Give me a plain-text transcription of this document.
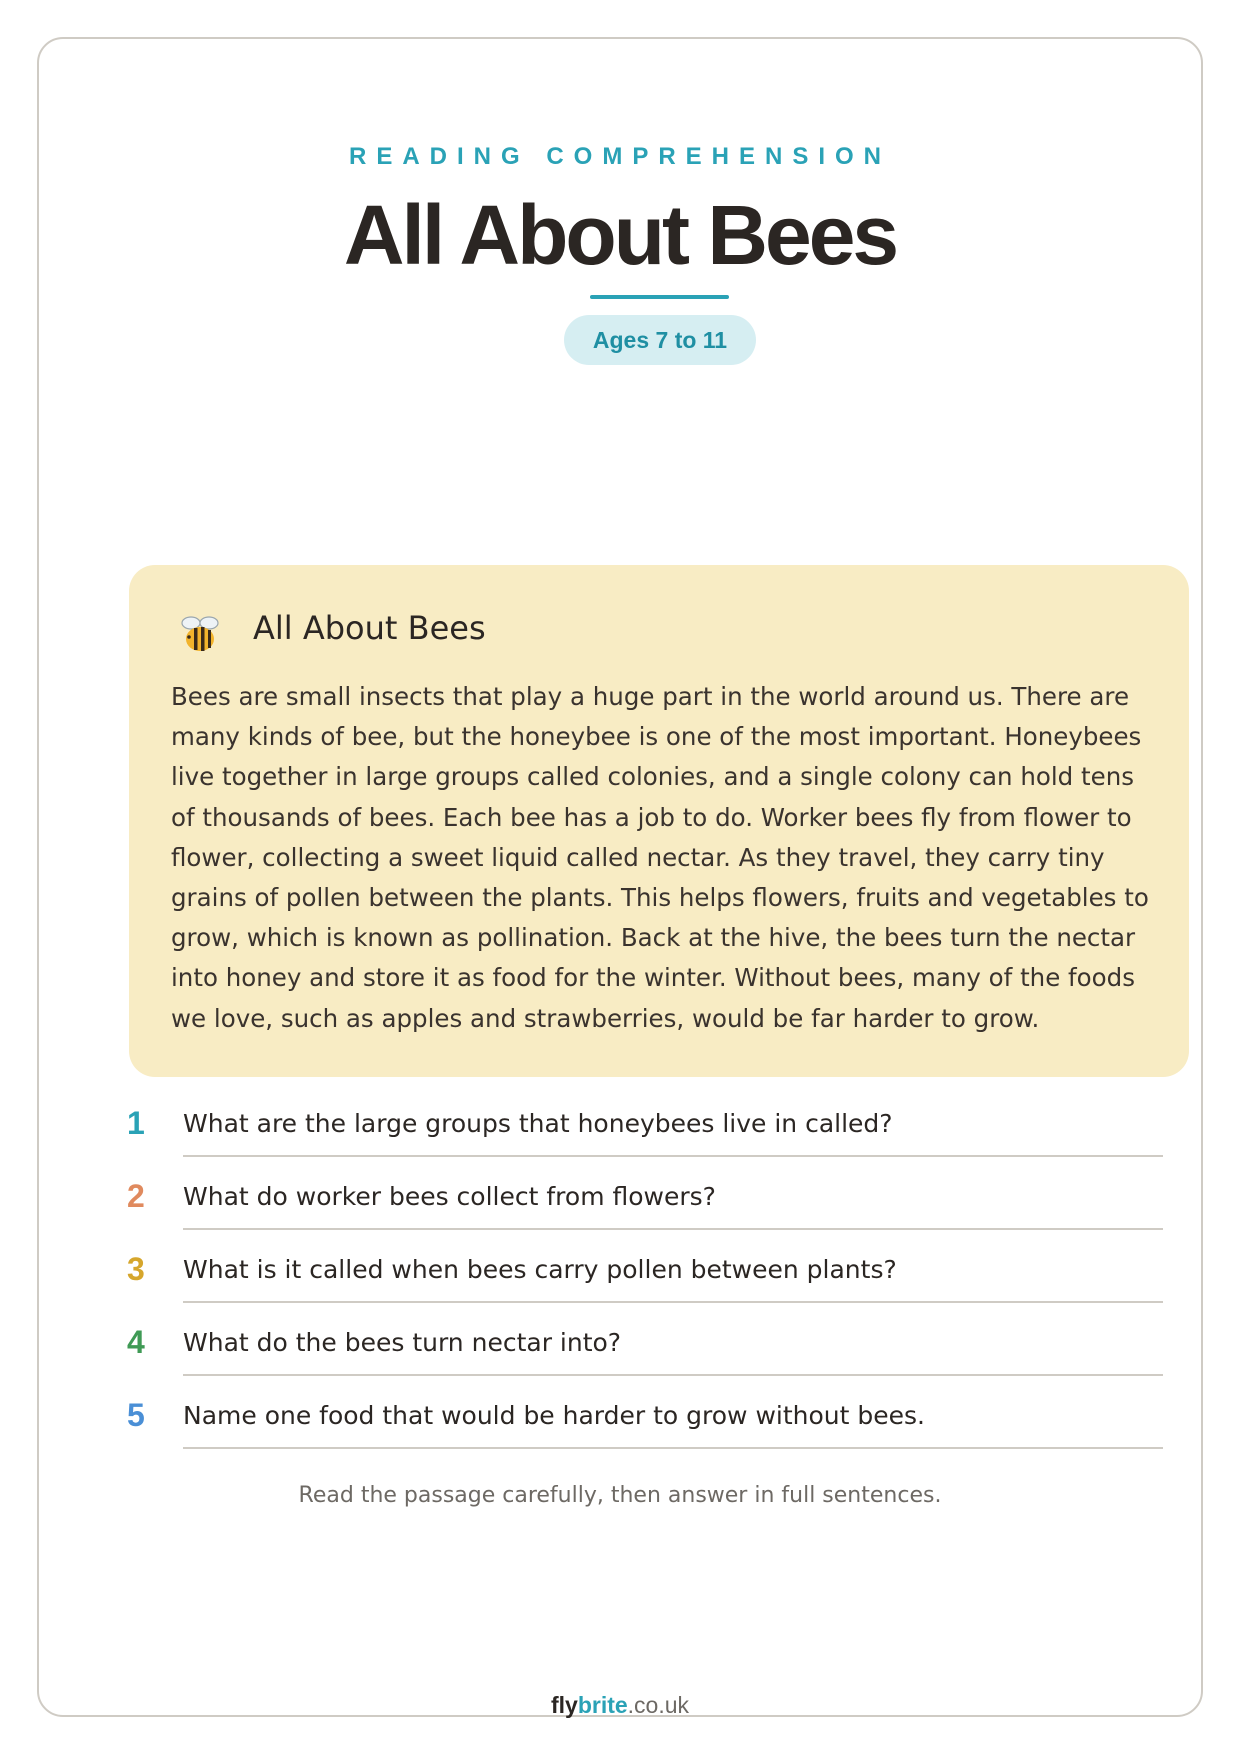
READING COMPREHENSION
All About Bees
Ages 7 to 11
All About Bees

Bees are small insects that play a huge part in the world around us. There are many kinds of bee, but the honeybee is one of the most important. Honeybees live together in large groups called colonies, and a single colony can hold tens of thousands of bees. Each bee has a job to do. Worker bees fly from flower to flower, collecting a sweet liquid called nectar. As they travel, they carry tiny grains of pollen between the plants. This helps flowers, fruits and vegetables to grow, which is known as pollination. Back at the hive, the bees turn the nectar into honey and store it as food for the winter. Without bees, many of the foods we love, such as apples and strawberries, would be far harder to grow.

1	What are the large groups that honeybees live in called?
2	What do worker bees collect from flowers?
3	What is it called when bees carry pollen between plants?
4	What do the bees turn nectar into?
5	Name one food that would be harder to grow without bees.
Read the passage carefully, then answer in full sentences.
flybrite.co.uk
